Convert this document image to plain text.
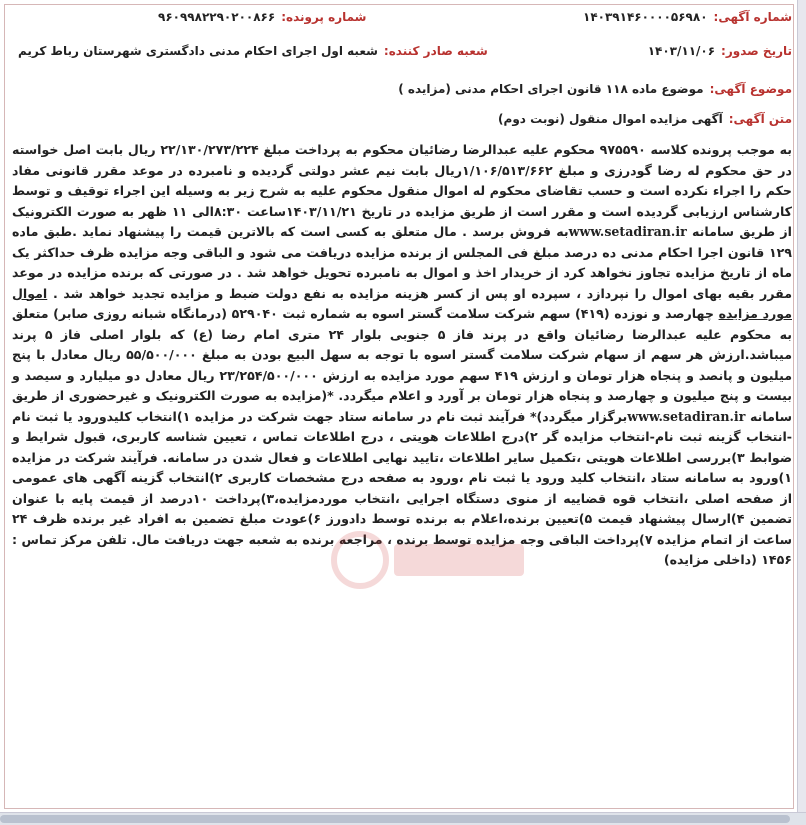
شماره آگهی:
۱۴۰۳۹۱۴۶۰۰۰۰۵۶۹۸۰
شماره پرونده:
۹۶۰۹۹۸۲۲۹۰۲۰۰۸۶۶
تاریخ صدور:
۱۴۰۳/۱۱/۰۶
شعبه صادر کننده:
شعبه اول اجرای احکام مدنی دادگستری شهرستان رباط کریم
موضوع آگهی:
موضوع ماده ۱۱۸ قانون اجرای احکام مدنی (مزایده )
متن آگهی:
آگهی مزایده اموال منقول (نوبت دوم)
به موجب پرونده کلاسه ۹۷۵۵۹۰ محکوم علیه عبدالرضا رضائیان محکوم به پرداخت مبلغ ۲۲/۱۳۰/۲۷۳/۲۲۴ ریال بابت اصل خواسته در حق محکوم له رضا گودرزی و مبلغ ۱/۱۰۶/۵۱۳/۶۶۲ریال بابت نیم عشر دولتی گردیده و نامبرده در موعد مقرر قانونی مفاد حکم را اجراء نکرده است و حسب تقاضای محکوم له اموال منقول محکوم علیه به شرح زیر به وسیله این اجراء توقیف و توسط کارشناس ارزیابی گردیده است و مقرر است از طریق مزایده در تاریخ ۱۴۰۳/۱۱/۲۱ساعت ۸:۳۰الی ۱۱ ظهر به صورت الکترونیک از طریق سامانه www.setadiran.irبه فروش برسد . مال متعلق به کسی است که بالاترین قیمت را پیشنهاد نماید .طبق ماده ۱۲۹ قانون اجرا احکام مدنی ده درصد مبلغ فی المجلس از برنده مزایده دریافت می شود و الباقی وجه مزایده ظرف حداکثر یک ماه از تاریخ مزایده تجاوز نخواهد کرد از خریدار اخذ و اموال به نامبرده تحویل خواهد شد . در صورتی که برنده مزایده در موعد مقرر بقیه بهای اموال را نپردازد ، سپرده او پس از کسر هزینه مزایده به نفع دولت ضبط و مزایده تجدید خواهد شد . اموال مورد مزایده چهارصد و نوزده (۴۱۹) سهم شرکت سلامت گستر اسوه به شماره ثبت ۵۲۹۰۴۰ (درمانگاه شبانه روزی صابر) متعلق به محکوم علیه عبدالرضا رضائیان واقع در پرند فاز ۵ جنوبی بلوار ۲۴ متری امام رضا (ع) که بلوار اصلی فاز ۵ پرند میباشد.ارزش هر سهم از سهام شرکت سلامت گستر اسوه با توجه به سهل البیع بودن به مبلغ ۵۵/۵۰۰/۰۰۰ ریال معادل با پنج میلیون و پانصد و پنجاه هزار تومان و ارزش ۴۱۹ سهم مورد مزایده به ارزش ۲۳/۲۵۴/۵۰۰/۰۰۰ ریال معادل دو میلیارد و سیصد و بیست و پنج میلیون و چهارصد و پنجاه هزار تومان بر آورد و اعلام میگردد. *(مزایده به صورت الکترونیک و غیرحضوری از طریق سامانه www.setadiran.irبرگزار میگردد)* فرآیند ثبت نام در سامانه ستاد جهت شرکت در مزایده ۱)انتخاب کلیدورود یا ثبت نام -انتخاب گزینه ثبت نام-انتخاب مزایده گر ۲)درج اطلاعات هویتی ، درج اطلاعات تماس ، تعیین شناسه کاربری، قبول شرایط و ضوابط ۳)بررسی اطلاعات هویتی ،تکمیل سایر اطلاعات ،تایید نهایی اطلاعات و فعال شدن در سامانه. فرآیند شرکت در مزایده ۱)ورود به سامانه ستاد ،انتخاب کلید ورود یا ثبت نام ،ورود به صفحه درج مشخصات کاربری ۲)انتخاب گزینه آگهی های عمومی از صفحه اصلی ،انتخاب قوه قضاییه از منوی دستگاه اجرایی ،انتخاب موردمزایده،۳)پرداخت ۱۰درصد از قیمت پایه با عنوان تضمین ۴)ارسال پیشنهاد قیمت ۵)تعیین برنده،اعلام به برنده توسط دادورز ۶)عودت مبلغ تضمین به افراد غیر برنده ظرف ۲۴ ساعت از اتمام مزایده ۷)پرداخت الباقی وجه مزایده توسط برنده ، مراجعه برنده به شعبه جهت دریافت مال. تلفن مرکز تماس : ۱۴۵۶ (داخلی مزایده)
